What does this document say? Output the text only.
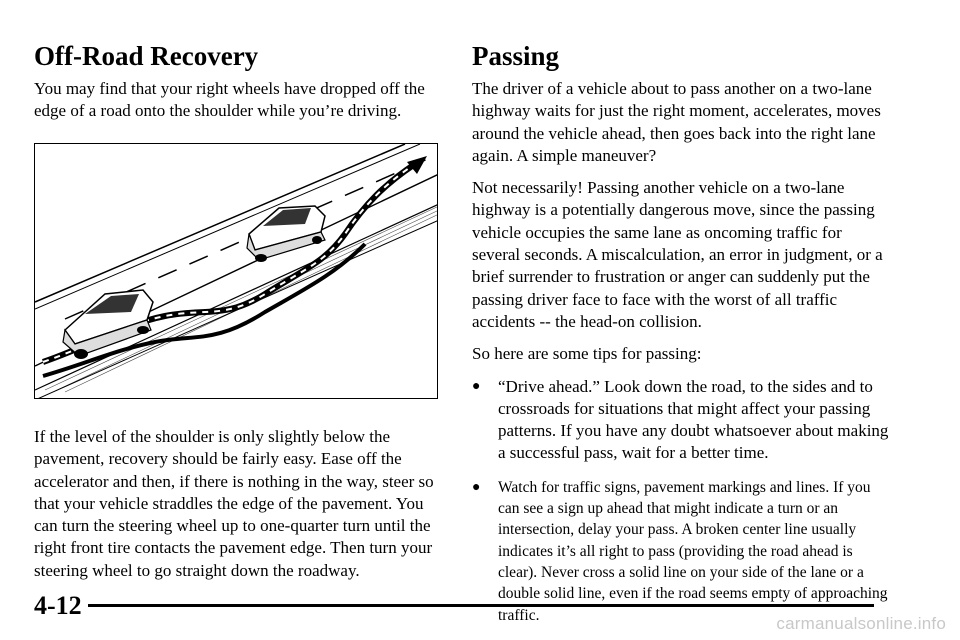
Off-Road Recovery

You may find that your right wheels have dropped off the edge of a road onto the shoulder while you’re driving.

If the level of the shoulder is only slightly below the pavement, recovery should be fairly easy. Ease off the accelerator and then, if there is nothing in the way, steer so that your vehicle straddles the edge of the pavement. You can turn the steering wheel up to one-quarter turn until the right front tire contacts the pavement edge. Then turn your steering wheel to go straight down the roadway.

Passing

The driver of a vehicle about to pass another on a two-lane highway waits for just the right moment, accelerates, moves around the vehicle ahead, then goes back into the right lane again. A simple maneuver?

Not necessarily! Passing another vehicle on a two-lane highway is a potentially dangerous move, since the passing vehicle occupies the same lane as oncoming traffic for several seconds. A miscalculation, an error in judgment, or a brief surrender to frustration or anger can suddenly put the passing driver face to face with the worst of all traffic accidents -- the head-on collision.

So here are some tips for passing:

● “Drive ahead.” Look down the road, to the sides and to crossroads for situations that might affect your passing patterns. If you have any doubt whatsoever about making a successful pass, wait for a better time.
● Watch for traffic signs, pavement markings and lines. If you can see a sign up ahead that might indicate a turn or an intersection, delay your pass. A broken center line usually indicates it’s all right to pass (providing the road ahead is clear). Never cross a solid line on your side of the lane or a double solid line, even if the road seems empty of approaching traffic.
4-12
carmanualsonline.info
